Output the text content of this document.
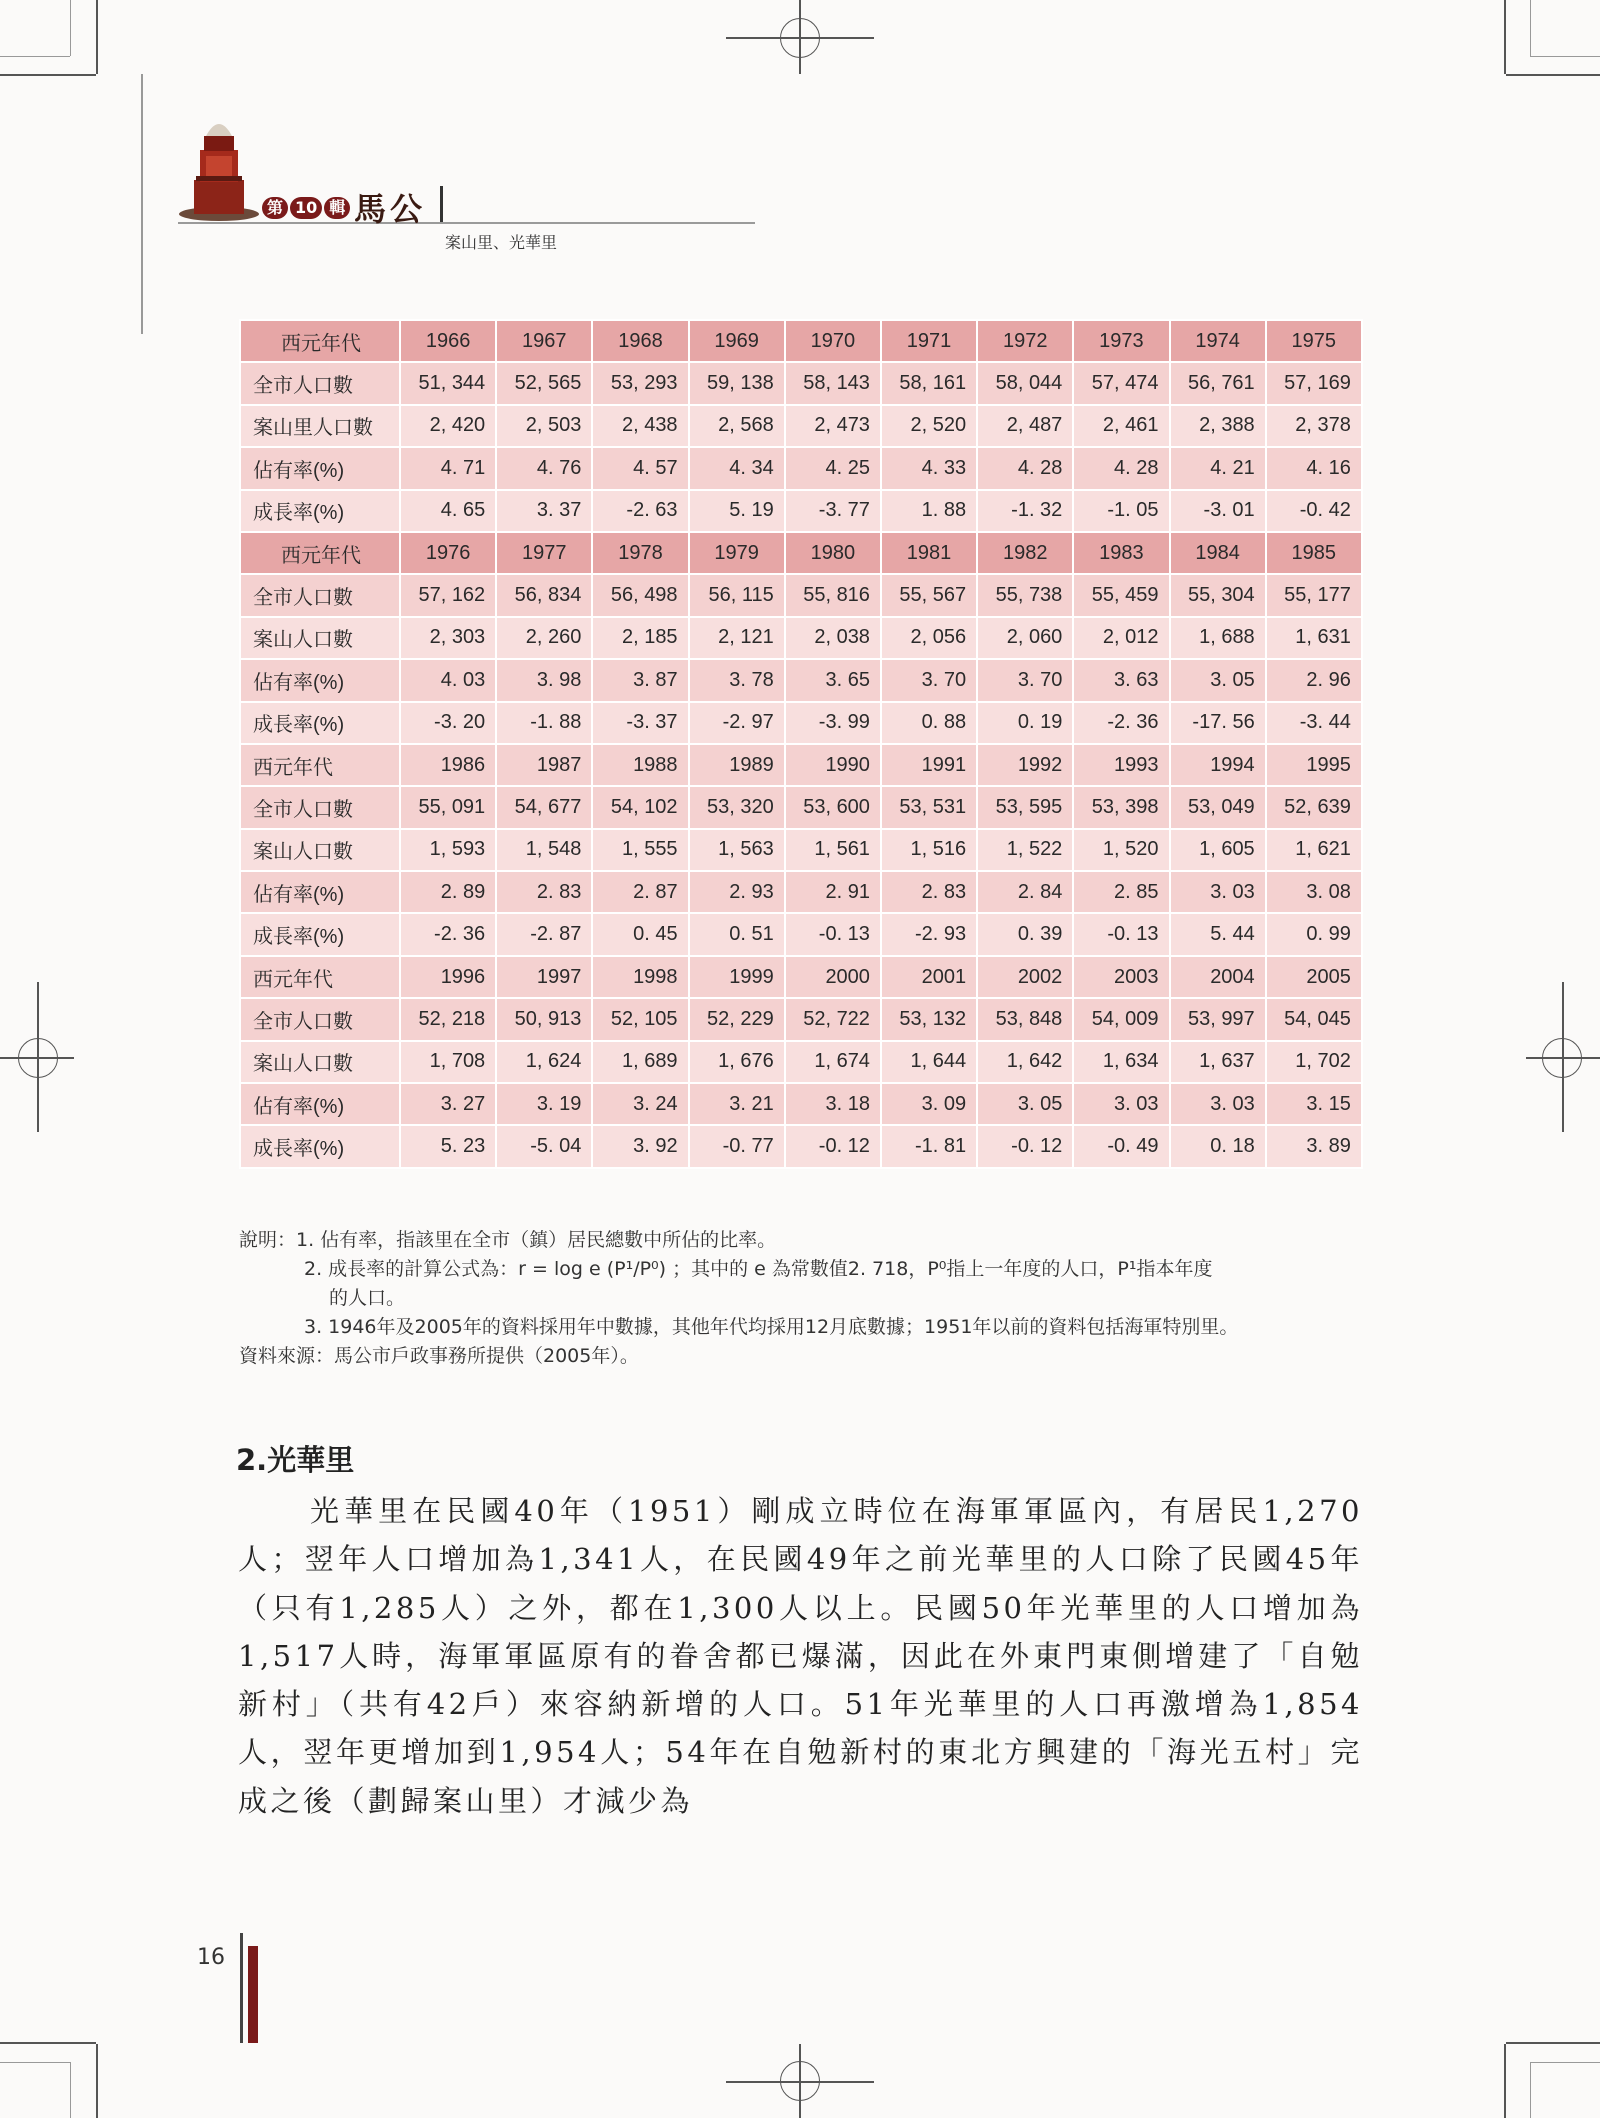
第 10 輯 馬公
案山里、光華里
西元年代	1966	1967	1968	1969	1970	1971	1972	1973	1974	1975
全市人口數	51, 344	52, 565	53, 293	59, 138	58, 143	58, 161	58, 044	57, 474	56, 761	57, 169
案山里人口數	2, 420	2, 503	2, 438	2, 568	2, 473	2, 520	2, 487	2, 461	2, 388	2, 378
佔有率(%)	4. 71	4. 76	4. 57	4. 34	4. 25	4. 33	4. 28	4. 28	4. 21	4. 16
成長率(%)	4. 65	3. 37	-2. 63	5. 19	-3. 77	1. 88	-1. 32	-1. 05	-3. 01	-0. 42
西元年代	1976	1977	1978	1979	1980	1981	1982	1983	1984	1985
全市人口數	57, 162	56, 834	56, 498	56, 115	55, 816	55, 567	55, 738	55, 459	55, 304	55, 177
案山人口數	2, 303	2, 260	2, 185	2, 121	2, 038	2, 056	2, 060	2, 012	1, 688	1, 631
佔有率(%)	4. 03	3. 98	3. 87	3. 78	3. 65	3. 70	3. 70	3. 63	3. 05	2. 96
成長率(%)	-3. 20	-1. 88	-3. 37	-2. 97	-3. 99	0. 88	0. 19	-2. 36	-17. 56	-3. 44
西元年代	1986	1987	1988	1989	1990	1991	1992	1993	1994	1995
全市人口數	55, 091	54, 677	54, 102	53, 320	53, 600	53, 531	53, 595	53, 398	53, 049	52, 639
案山人口數	1, 593	1, 548	1, 555	1, 563	1, 561	1, 516	1, 522	1, 520	1, 605	1, 621
佔有率(%)	2. 89	2. 83	2. 87	2. 93	2. 91	2. 83	2. 84	2. 85	3. 03	3. 08
成長率(%)	-2. 36	-2. 87	0. 45	0. 51	-0. 13	-2. 93	0. 39	-0. 13	5. 44	0. 99
西元年代	1996	1997	1998	1999	2000	2001	2002	2003	2004	2005
全市人口數	52, 218	50, 913	52, 105	52, 229	52, 722	53, 132	53, 848	54, 009	53, 997	54, 045
案山人口數	1, 708	1, 624	1, 689	1, 676	1, 674	1, 644	1, 642	1, 634	1, 637	1, 702
佔有率(%)	3. 27	3. 19	3. 24	3. 21	3. 18	3. 09	3. 05	3. 03	3. 03	3. 15
成長率(%)	5. 23	-5. 04	3. 92	-0. 77	-0. 12	-1. 81	-0. 12	-0. 49	0. 18	3. 89
說明：1. 佔有率，指該里在全市（鎮）居民總數中所佔的比率。
2. 成長率的計算公式為：r = log e (P¹/P⁰) ；其中的 e 為常數值2. 718，P⁰指上一年度的人口，P¹指本年度
的人口。
3. 1946年及2005年的資料採用年中數據，其他年代均採用12月底數據；1951年以前的資料包括海軍特別里。
資料來源：馬公市戶政事務所提供（2005年）。
2.光華里

光華里在民國40年（1951）剛成立時位在海軍軍區內，有居民1,270人；翌年人口增加為1,341人，在民國49年之前光華里的人口除了民國45年（只有1,285人）之外，都在1,300人以上。民國50年光華里的人口增加為1,517人時，海軍軍區原有的眷舍都已爆滿，因此在外東門東側增建了「自勉新村」（共有42戶）來容納新增的人口。51年光華里的人口再激增為1,854人，翌年更增加到1,954人；54年在自勉新村的東北方興建的「海光五村」完成之後（劃歸案山里）才減少為

16
